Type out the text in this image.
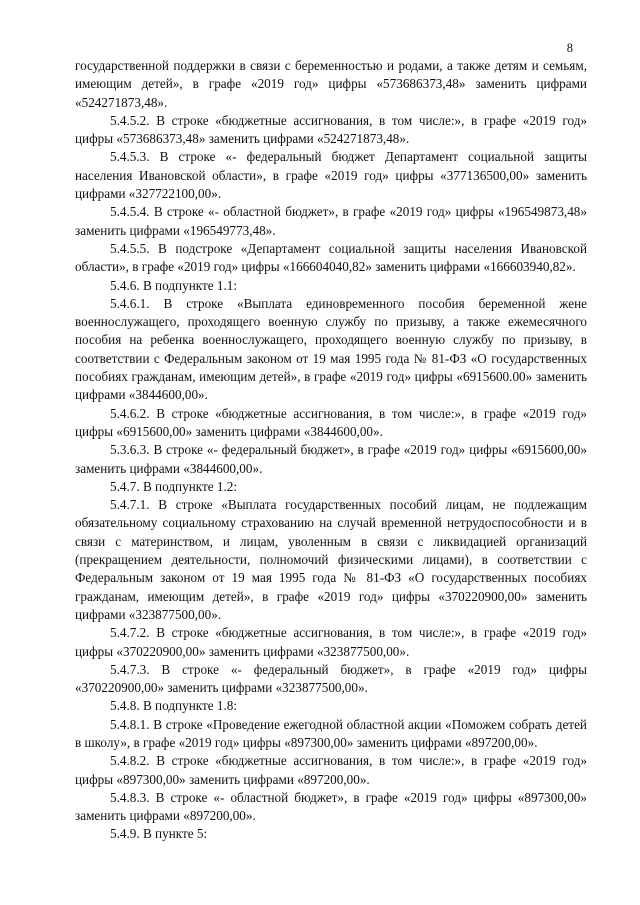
8

государственной поддержки в связи с беременностью и родами, а также детям и семьям, имеющим детей», в графе «2019 год» цифры «573686373,48» заменить цифрами «524271873,48».

5.4.5.2. В строке «бюджетные ассигнования, в том числе:», в графе «2019 год» цифры «573686373,48» заменить цифрами «524271873,48».

5.4.5.3. В строке «- федеральный бюджет Департамент социальной защиты населения Ивановской области», в графе «2019 год» цифры «377136500,00» заменить цифрами «327722100,00».

5.4.5.4. В строке «- областной бюджет», в графе «2019 год» цифры «196549873,48» заменить цифрами «196549773,48».

5.4.5.5. В подстроке «Департамент социальной защиты населения Ивановской области», в графе «2019 год» цифры «166604040,82» заменить цифрами «166603940,82».

5.4.6. В подпункте 1.1:

5.4.6.1. В строке «Выплата единовременного пособия беременной жене военнослужащего, проходящего военную службу по призыву, а также ежемесячного пособия на ребенка военнослужащего, проходящего военную службу по призыву, в соответствии с Федеральным законом от 19 мая 1995 года № 81-ФЗ «О государственных пособиях гражданам, имеющим детей», в графе «2019 год» цифры «6915600.00» заменить цифрами «3844600,00».

5.4.6.2. В строке «бюджетные ассигнования, в том числе:», в графе «2019 год» цифры «6915600,00» заменить цифрами «3844600,00».

5.3.6.3. В строке «- федеральный бюджет», в графе «2019 год» цифры «6915600,00» заменить цифрами «3844600,00».

5.4.7. В подпункте 1.2:

5.4.7.1. В строке «Выплата государственных пособий лицам, не подлежащим обязательному социальному страхованию на случай временной нетрудоспособности и в связи с материнством, и лицам, уволенным в связи с ликвидацией организаций (прекращением деятельности, полномочий физическими лицами), в соответствии с Федеральным законом от 19 мая 1995 года № 81-ФЗ «О государственных пособиях гражданам, имеющим детей», в графе «2019 год» цифры «370220900,00» заменить цифрами «323877500,00».

5.4.7.2. В строке «бюджетные ассигнования, в том числе:», в графе «2019 год» цифры «370220900,00» заменить цифрами «323877500,00».

5.4.7.3. В строке «- федеральный бюджет», в графе «2019 год» цифры «370220900,00» заменить цифрами «323877500,00».

5.4.8. В подпункте 1.8:

5.4.8.1. В строке «Проведение ежегодной областной акции «Поможем собрать детей в школу», в графе «2019 год» цифры «897300,00» заменить цифрами «897200,00».

5.4.8.2. В строке «бюджетные ассигнования, в том числе:», в графе «2019 год» цифры «897300,00» заменить цифрами «897200,00».

5.4.8.3. В строке «- областной бюджет», в графе «2019 год» цифры «897300,00» заменить цифрами «897200,00».

5.4.9. В пункте 5:
